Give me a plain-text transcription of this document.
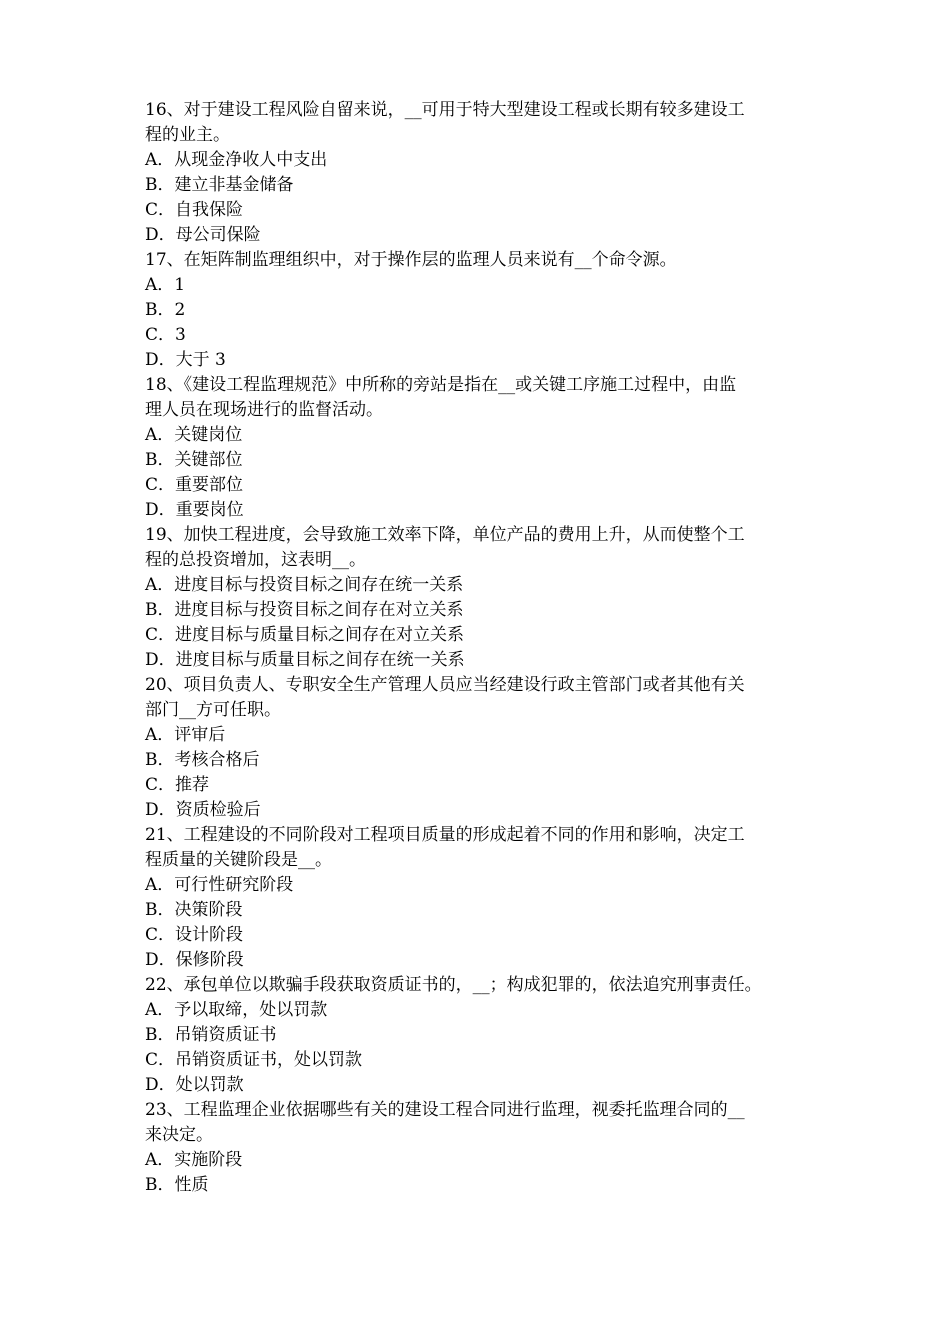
16、对于建设工程风险自留来说，__可用于特大型建设工程或长期有较多建设工
程的业主。
A．从现金净收人中支出
B．建立非基金储备
C．自我保险
D．母公司保险
17、在矩阵制监理组织中，对于操作层的监理人员来说有__个命令源。
A．1
B．2
C．3
D．大于 3
18、《建设工程监理规范》中所称的旁站是指在__或关键工序施工过程中，由监
理人员在现场进行的监督活动。
A．关键岗位
B．关键部位
C．重要部位
D．重要岗位
19、加快工程进度，会导致施工效率下降，单位产品的费用上升，从而使整个工
程的总投资增加，这表明__。
A．进度目标与投资目标之间存在统一关系
B．进度目标与投资目标之间存在对立关系
C．进度目标与质量目标之间存在对立关系
D．进度目标与质量目标之间存在统一关系
20、项目负责人、专职安全生产管理人员应当经建设行政主管部门或者其他有关
部门__方可任职。
A．评审后
B．考核合格后
C．推荐
D．资质检验后
21、工程建设的不同阶段对工程项目质量的形成起着不同的作用和影响，决定工
程质量的关键阶段是__。
A．可行性研究阶段
B．决策阶段
C．设计阶段
D．保修阶段
22、承包单位以欺骗手段获取资质证书的，__；构成犯罪的，依法追究刑事责任。
A．予以取缔，处以罚款
B．吊销资质证书
C．吊销资质证书，处以罚款
D．处以罚款
23、工程监理企业依据哪些有关的建设工程合同进行监理，视委托监理合同的__
来决定。
A．实施阶段
B．性质
